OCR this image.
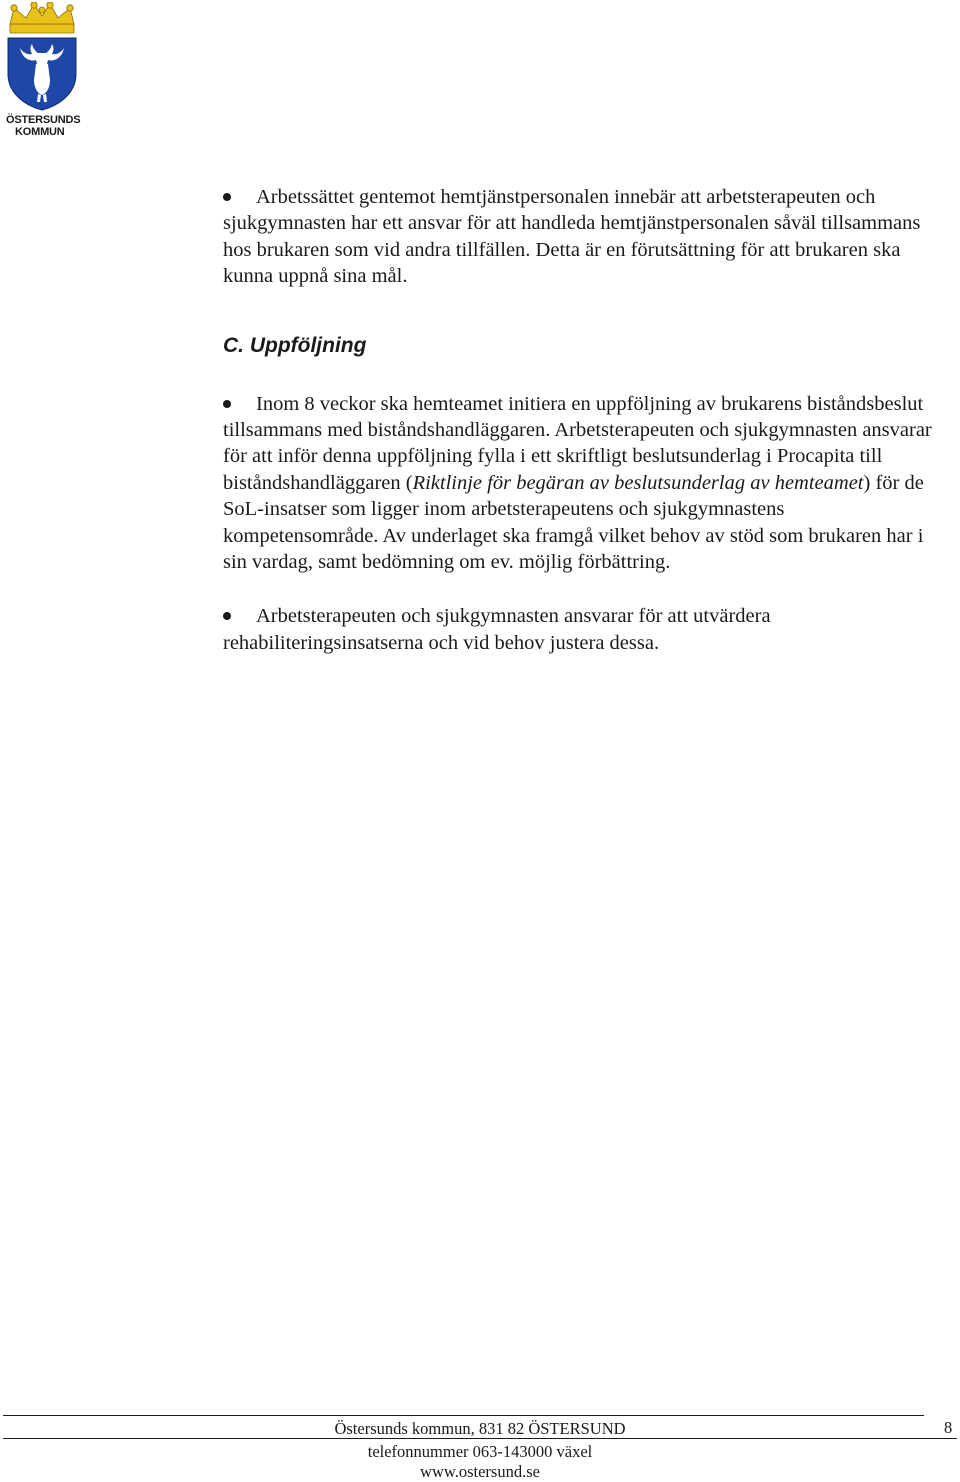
ÖSTERSUNDS
KOMMUN

Arbetssättet gentemot hemtjänstpersonalen innebär att arbetsterapeuten och sjukgymnasten har ett ansvar för att handleda hemtjänstpersonalen såväl tillsammans hos brukaren som vid andra tillfällen. Detta är en förutsättning för att brukaren ska kunna uppnå sina mål.

C. Uppföljning

Inom 8 veckor ska hemteamet initiera en uppföljning av brukarens biståndsbeslut tillsammans med biståndshandläggaren. Arbetsterapeuten och sjukgymnasten ansvarar för att inför denna uppföljning fylla i ett skriftligt beslutsunderlag i Procapita till biståndshandläggaren (Riktlinje för begäran av beslutsunderlag av hemteamet) för de SoL-insatser som ligger inom arbetsterapeutens och sjukgymnastens kompetensområde. Av underlaget ska framgå vilket behov av stöd som brukaren har i sin vardag, samt bedömning om ev. möjlig förbättring.

Arbetsterapeuten och sjukgymnasten ansvarar för att utvärdera rehabiliteringsinsatserna och vid behov justera dessa.

8
Östersunds kommun, 831 82 ÖSTERSUND
telefonnummer 063-143000 växel
www.ostersund.se
